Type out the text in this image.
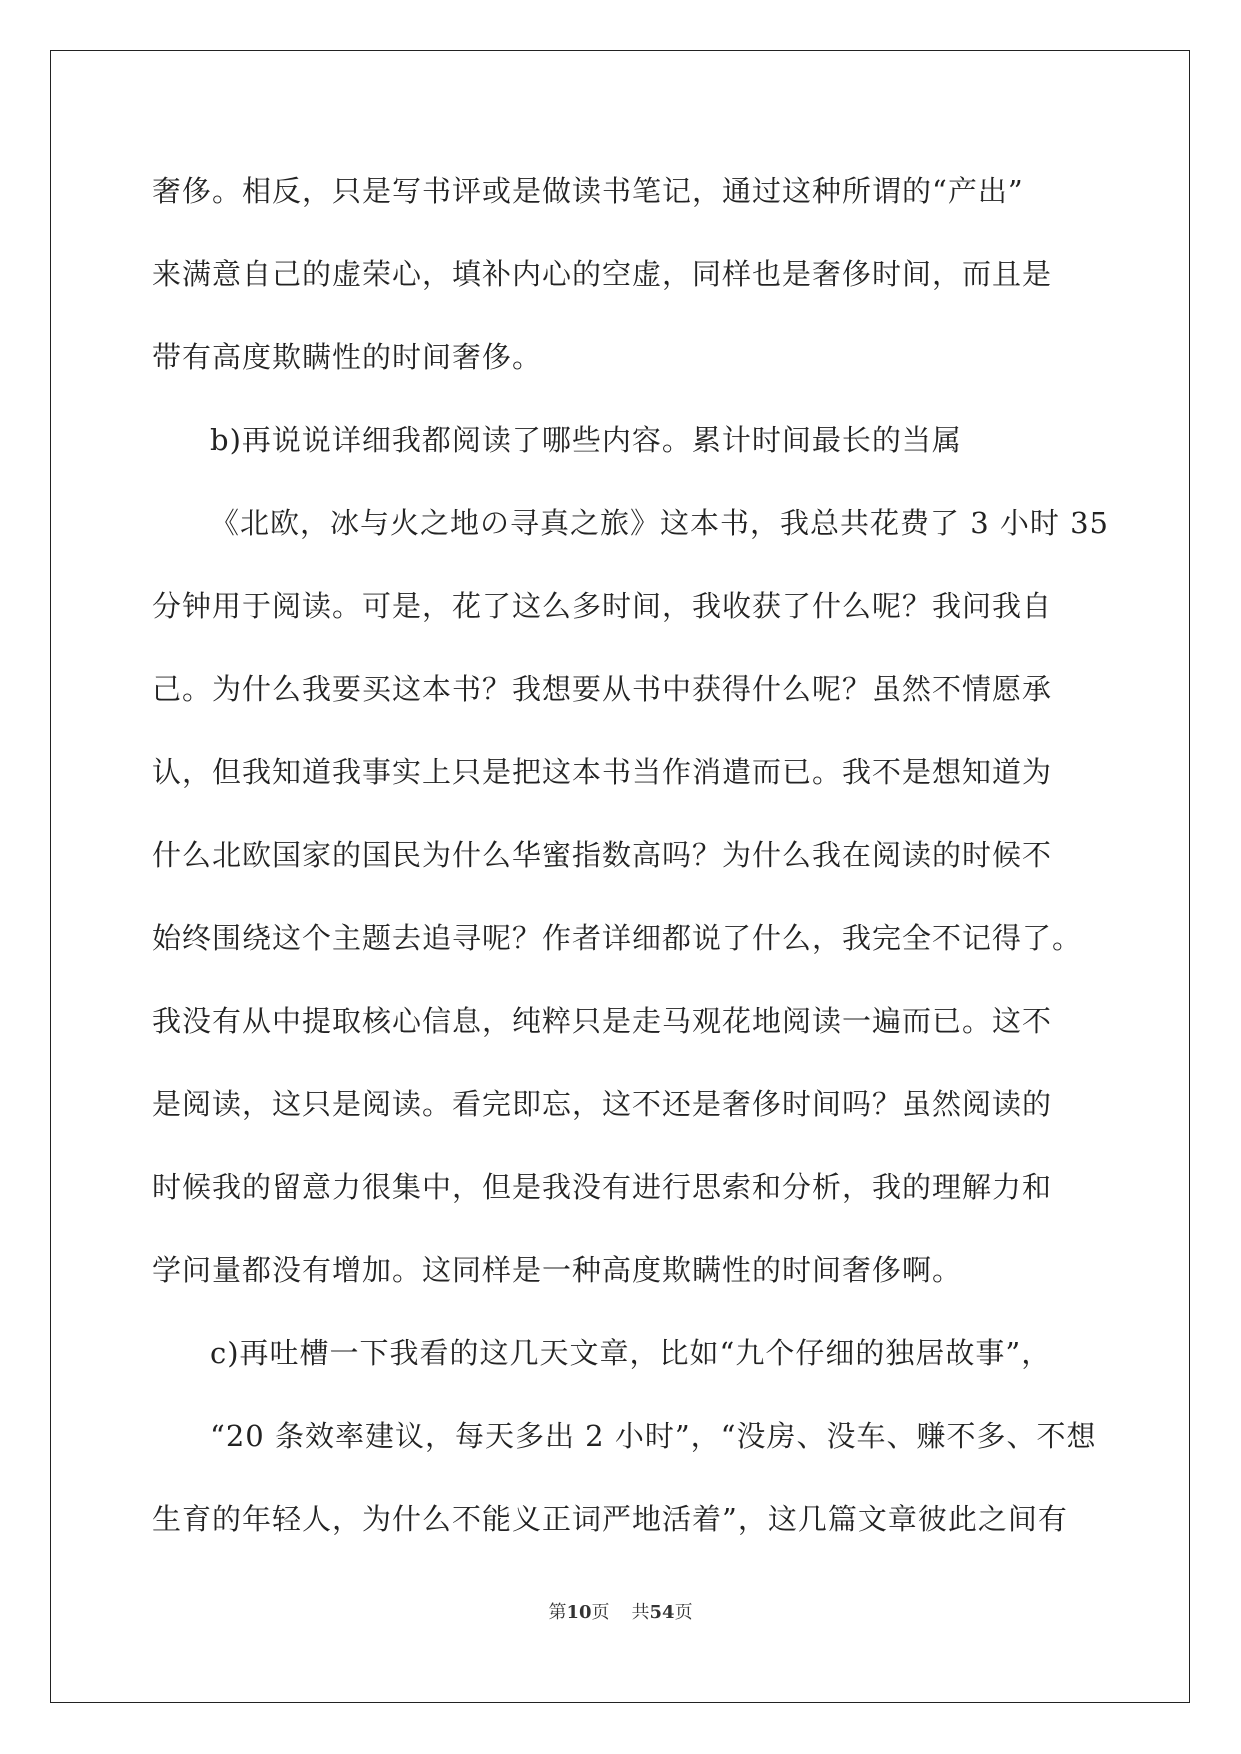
奢侈。相反，只是写书评或是做读书笔记，通过这种所谓的“产出”
来满意自己的虚荣心，填补内心的空虚，同样也是奢侈时间，而且是
带有高度欺瞒性的时间奢侈。
b)再说说详细我都阅读了哪些内容。累计时间最长的当属
《北欧，冰与火之地の寻真之旅》这本书，我总共花费了 3 小时 35
分钟用于阅读。可是，花了这么多时间，我收获了什么呢？我问我自
己。为什么我要买这本书？我想要从书中获得什么呢？虽然不情愿承
认，但我知道我事实上只是把这本书当作消遣而已。我不是想知道为
什么北欧国家的国民为什么华蜜指数高吗？为什么我在阅读的时候不
始终围绕这个主题去追寻呢？作者详细都说了什么，我完全不记得了。
我没有从中提取核心信息，纯粹只是走马观花地阅读一遍而已。这不
是阅读，这只是阅读。看完即忘，这不还是奢侈时间吗？虽然阅读的
时候我的留意力很集中，但是我没有进行思索和分析，我的理解力和
学问量都没有增加。这同样是一种高度欺瞒性的时间奢侈啊。
c)再吐槽一下我看的这几天文章，比如“九个仔细的独居故事”，
“20 条效率建议，每天多出 2 小时”，“没房、没车、赚不多、不想
生育的年轻人，为什么不能义正词严地活着”，这几篇文章彼此之间有
第10页 共54页
